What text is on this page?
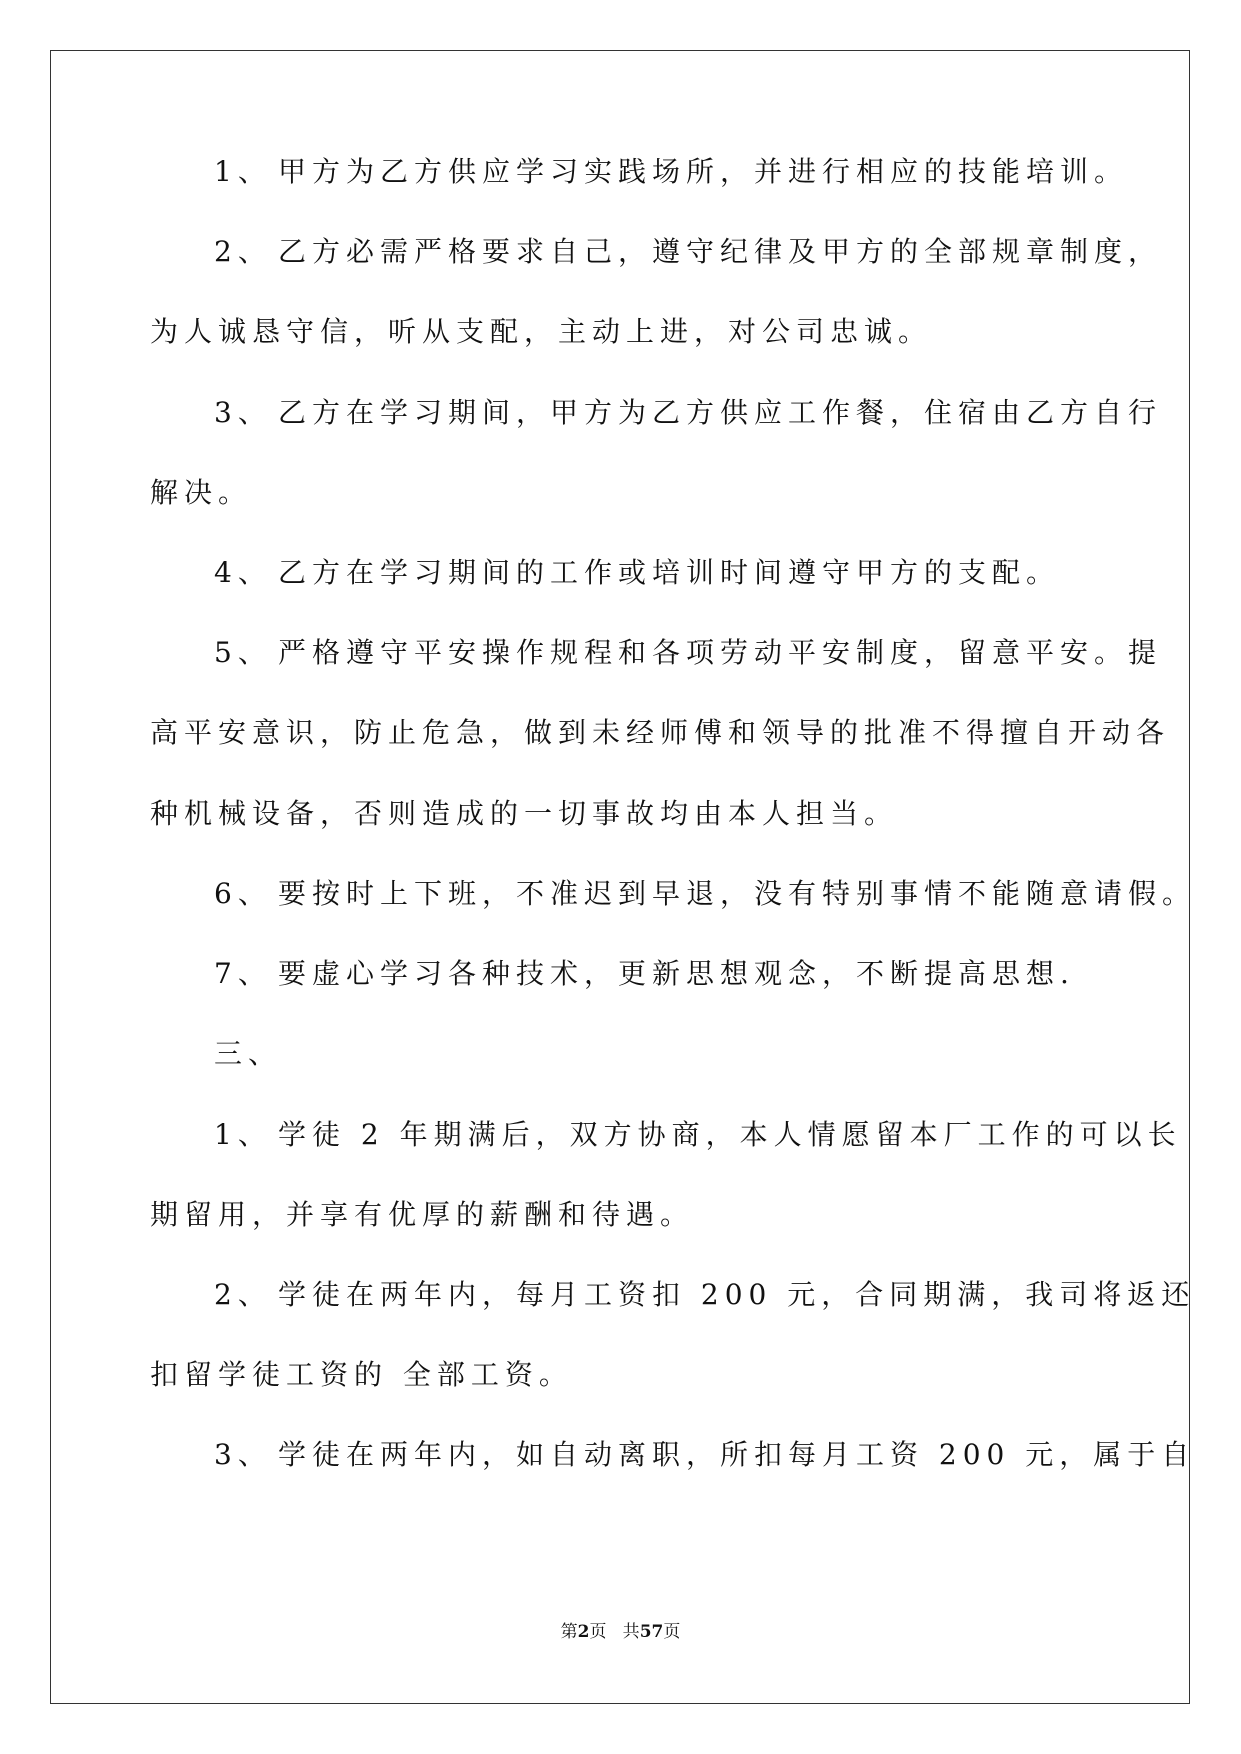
1、 甲方为乙方供应学习实践场所，并进行相应的技能培训。
2、 乙方必需严格要求自己，遵守纪律及甲方的全部规章制度，
为人诚恳守信，听从支配，主动上进，对公司忠诚。
3、 乙方在学习期间，甲方为乙方供应工作餐，住宿由乙方自行
解决。
4、 乙方在学习期间的工作或培训时间遵守甲方的支配。
5、 严格遵守平安操作规程和各项劳动平安制度，留意平安。提
高平安意识，防止危急，做到未经师傅和领导的批准不得擅自开动各
种机械设备，否则造成的一切事故均由本人担当。
6、 要按时上下班，不准迟到早退，没有特别事情不能随意请假。
7、 要虚心学习各种技术，更新思想观念，不断提高思想.
三、
1、 学徒 2 年期满后，双方协商，本人情愿留本厂工作的可以长
期留用，并享有优厚的薪酬和待遇。
2、 学徒在两年内，每月工资扣 200 元，合同期满，我司将返还
扣留学徒工资的 全部工资。
3、 学徒在两年内，如自动离职，所扣每月工资 200 元，属于自
第2页   共57页
